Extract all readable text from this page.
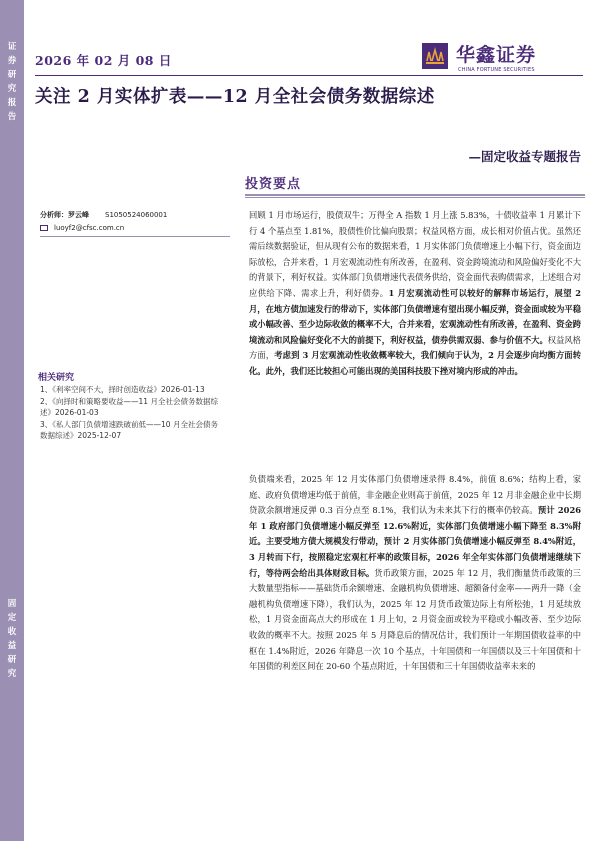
证
券
研
究
报
告
固
定
收
益
研
究
2026 年 02 月 08 日	华鑫证券
CHINA FORTUNE SECURITIES
关注 2 月实体扩表——12 月全社会债务数据综述
—固定收益专题报告
投资要点
分析师：罗云峰 S1050524060001
luoyf2@cfsc.com.cn
相关研究
1、《利率空间不大，择时创造收益》2026-01-13
2、《向择时和策略要收益——11 月全社会债务数据综述》2026-01-03
3、《私人部门负债增速跌破前低——10 月全社会债务数据综述》2025-12-07
回顾 1 月市场运行，股债双牛；万得全 A 指数 1 月上涨 5.83%，十债收益率 1 月累计下行 4 个基点至 1.81%，股债性价比偏向股票；权益风格方面，成长相对价值占优。虽然还需后续数据验证，但从现有公布的数据来看，1 月实体部门负债增速上小幅下行，资金面边际放松，合并来看，1 月宏观流动性有所改善，在盈利、资金跨境流动和风险偏好变化不大的背景下，利好权益。实体部门负债增速代表债务供给，资金面代表购债需求，上述组合对应供给下降、需求上升，利好债券。1 月宏观流动性可以较好的解释市场运行，展望 2 月，在地方债加速发行的带动下，实体部门负债增速有望出现小幅反弹，资金面或较为平稳或小幅改善、至少边际收敛的概率不大，合并来看，宏观流动性有所改善，在盈利、资金跨境流动和风险偏好变化不大的前提下，利好权益，债券供需双弱、参与价值不大。权益风格方面，考虑到 3 月宏观流动性收敛概率较大，我们倾向于认为，2 月会逐步向均衡方面转化。此外，我们还比较担心可能出现的美国科技股下挫对境内形成的冲击。
负债端来看，2025 年 12 月实体部门负债增速录得 8.4%，前值 8.6%；结构上看，家庭、政府负债增速均低于前值，非金融企业则高于前值，2025 年 12 月非金融企业中长期贷款余额增速反弹 0.3 百分点至 8.1%，我们认为未来其下行的概率仍较高。预计 2026 年 1 政府部门负债增速小幅反弹至 12.6%附近，实体部门负债增速小幅下降至 8.3%附近。主要受地方债大规模发行带动，预计 2 月实体部门负债增速小幅反弹至 8.4%附近，3 月转而下行，按照稳定宏观杠杆率的政策目标，2026 年全年实体部门负债增速继续下行，等待两会给出具体财政目标。货币政策方面，2025 年 12 月，我们衡量货币政策的三大数量型指标——基础货币余额增速、金融机构负债增速、超额备付金率——两升一降（金融机构负债增速下降），我们认为，2025 年 12 月货币政策边际上有所松弛，1 月延续放松，1 月资金面高点大约形成在 1 月上旬，2 月资金面或较为平稳或小幅改善、至少边际收敛的概率不大。按照 2025 年 5 月降息后的情况估计，我们预计一年期国债收益率的中枢在 1.4%附近，2026 年降息一次 10 个基点，十年国债和一年国债以及三十年国债和十年国债的利差区间在 20-60 个基点附近，十年国债和三十年国债收益率未来的
